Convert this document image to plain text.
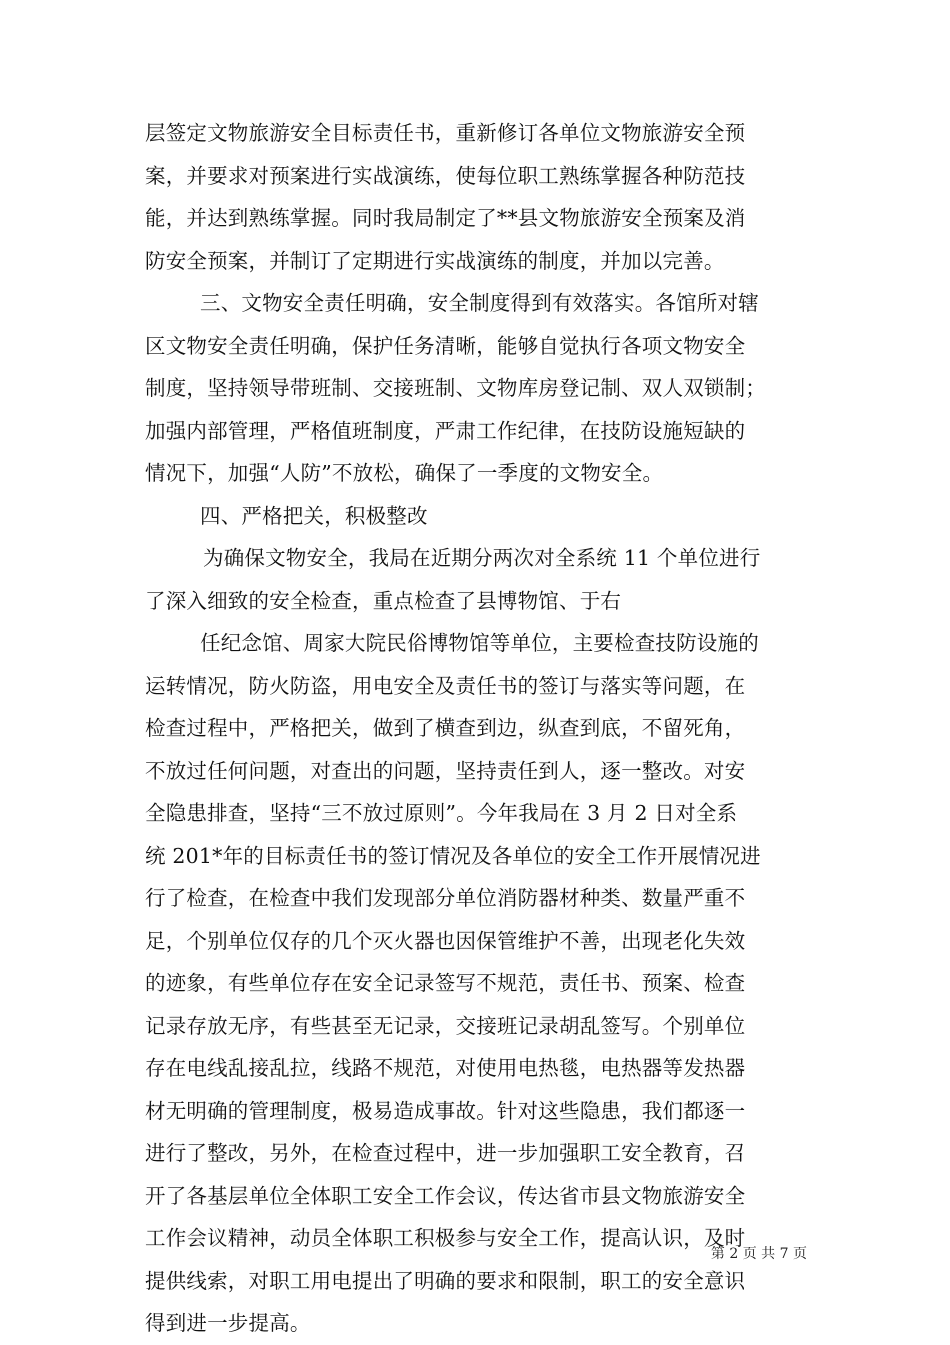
层签定文物旅游安全目标责任书，重新修订各单位文物旅游安全预
案，并要求对预案进行实战演练，使每位职工熟练掌握各种防范技
能，并达到熟练掌握。同时我局制定了**县文物旅游安全预案及消
防安全预案，并制订了定期进行实战演练的制度，并加以完善。
三、文物安全责任明确，安全制度得到有效落实。各馆所对辖
区文物安全责任明确，保护任务清晰，能够自觉执行各项文物安全
制度，坚持领导带班制、交接班制、文物库房登记制、双人双锁制；
加强内部管理，严格值班制度，严肃工作纪律，在技防设施短缺的
情况下，加强“人防”不放松，确保了一季度的文物安全。
四、严格把关，积极整改
为确保文物安全，我局在近期分两次对全系统 11 个单位进行
了深入细致的安全检查，重点检查了县博物馆、于右
任纪念馆、周家大院民俗博物馆等单位，主要检查技防设施的
运转情况，防火防盗，用电安全及责任书的签订与落实等问题，在
检查过程中，严格把关，做到了横查到边，纵查到底，不留死角，
不放过任何问题，对查出的问题，坚持责任到人，逐一整改。对安
全隐患排查，坚持“三不放过原则”。今年我局在 3 月 2 日对全系
统 201*年的目标责任书的签订情况及各单位的安全工作开展情况进
行了检查，在检查中我们发现部分单位消防器材种类、数量严重不
足，个别单位仅存的几个灭火器也因保管维护不善，出现老化失效
的迹象，有些单位存在安全记录签写不规范，责任书、预案、检查
记录存放无序，有些甚至无记录，交接班记录胡乱签写。个别单位
存在电线乱接乱拉，线路不规范，对使用电热毯，电热器等发热器
材无明确的管理制度，极易造成事故。针对这些隐患，我们都逐一
进行了整改，另外，在检查过程中，进一步加强职工安全教育，召
开了各基层单位全体职工安全工作会议，传达省市县文物旅游安全
工作会议精神，动员全体职工积极参与安全工作，提高认识，及时
提供线索，对职工用电提出了明确的要求和限制，职工的安全意识
得到进一步提高。
第 2 页 共 7 页
